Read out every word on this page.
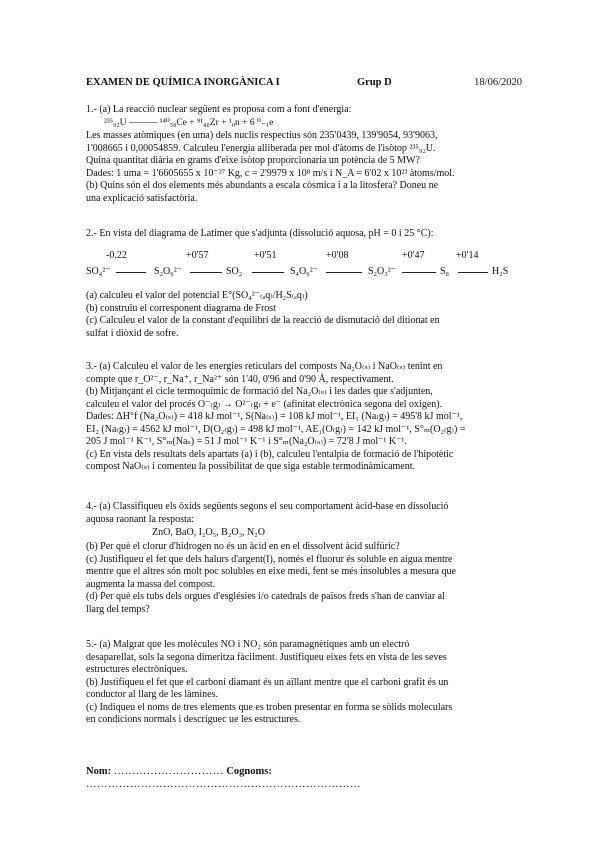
EXAMEN DE QUÍMICA INORGÀNICA I	Grup D	18/06/2020

1.- (a) La reacció nuclear següent es proposa com a font d'energia:

²³⁵₉₂U ——— ¹⁴⁰₅₈Ce + ⁹¹₄₀Zr + ¹₀n + 6 ⁰₋₁e

Les masses atòmiques (en uma) dels nuclis respectius són 235'0439, 139'9054, 93'9063,

1'008665 i 0,00054859. Calculeu l'energia alliberada per mol d'àtoms de l'isòtop ²³⁵₉₂U.

Quina quantitat diària en grams d'eixe isòtop proporcionaria un potència de 5 MW?

Dades: 1 uma = 1'6605655 x 10⁻²⁷ Kg, c = 2'9979 x 10⁸ m/s i N_A = 6'02 x 10²³ àtoms/mol.

(b) Quins són el dos elements més abundants a escala còsmica i a la litosfera? Doneu ne

una explicació satisfactòria.

2.- En vista del diagrama de Latimer que s'adjunta (dissolució aquosa, pH = 0 i 25 °C):

-0.22	+0'57	+0'51	+0'08	+0'47	+0'14
SO₄²⁻	S₂O₆²⁻	SO₂	S₄O₆²⁻	S₂O₃²⁻	S₈	H₂S

(a) calculeu el valor del potencial E°(SO₄²⁻₍ₐq₎/H₂S₍ₐq₎)

(b) construïu el corresponent diagrama de Frost

(c) Calculeu el valor de la constant d'equilibri de la reacció de dismutació del ditionat en

sulfat i diòxid de sofre.

3.- (a) Calculeu el valor de les energies reticulars del composts Na₂O₍ₛ₎ i NaO₍ₛ₎ tenint en

compte que r_O²⁻, r_Na⁺, r_Na²⁺ són 1'40, 0'96 and 0'90 Å, respectivament.

(b) Mitjançant el cicle termoquímic de formació del Na₂O₍ₛ₎ i les dades que s'adjunten,

calculeu el valor del procés O⁻₍g₎ → O²⁻₍g₎ + e⁻ (afinitat electrònica segona del oxigen).

Dades: ΔH°f (Na₂O₍ₛ₎) = 418 kJ mol⁻¹, S(Na₍ₛ₎) = 108 kJ mol⁻¹, EI₁ (Na₍g₎) = 495'8 kJ mol⁻¹,

EI₂ (Na₍g₎) = 4562 kJ mol⁻¹, D(O₂₍g₎) = 498 kJ mol⁻¹, AE₁(O₍g₎) = 142 kJ mol⁻¹, S°ₘ(O₂₍g₎) =

205 J mol⁻¹ K⁻¹, S°ₘ(Naₛ) = 51 J mol⁻¹ K⁻¹ i S°ₘ(Na₂O₍ₛ₎) = 72'8 J mol⁻¹ K⁻¹.

(c) En vista dels resultats dels apartats (a) i (b), calculeu l'entalpia de formació de l'hipotètic

compost NaO₍ₛ₎ i comenteu la possibilitat de que siga estable termodinàmicament.

4.- (a) Classifiqueu els òxids següents segons el seu comportament àcid-base en dissolució

aquosa raonant la resposta:

ZnO, BaO, I₂O₅, B₂O₃, N₂O

(b) Per què el clorur d'hidrogen no és un àcid en en el dissolvent àcid sulfúric?

(c) Justifiqueu el fet que dels halurs d'argent(I), només el fluorur és soluble en aigua mentre

mentre que el altres són molt poc solubles en eixe medi, fent se més insolubles a mesura que

augmenta la massa del compost.

(d) Per què els tubs dels orgues d'esglésies i/o catedrals de països freds s'han de canviar al

llarg del temps?

5.- (a) Malgrat que les molècules NO i NO₂ són paramagnètiques amb un electró

desaparellat, sols la segona dimeritza fàcilment. Justifiqueu eixes fets en vista de les seves

estructures electròniques.

(b) Justifiqueu el fet que el carboni diamant és un aïllant mentre que el carboni grafit és un

conductor al llarg de les làmines.

(c) Indiqueu el noms de tres elements que es troben presentar en forma se sòlids moleculars

en condicions normals i descriguec ue les estructures.

Nom: ………………………… Cognoms: …………………………………………………………………
